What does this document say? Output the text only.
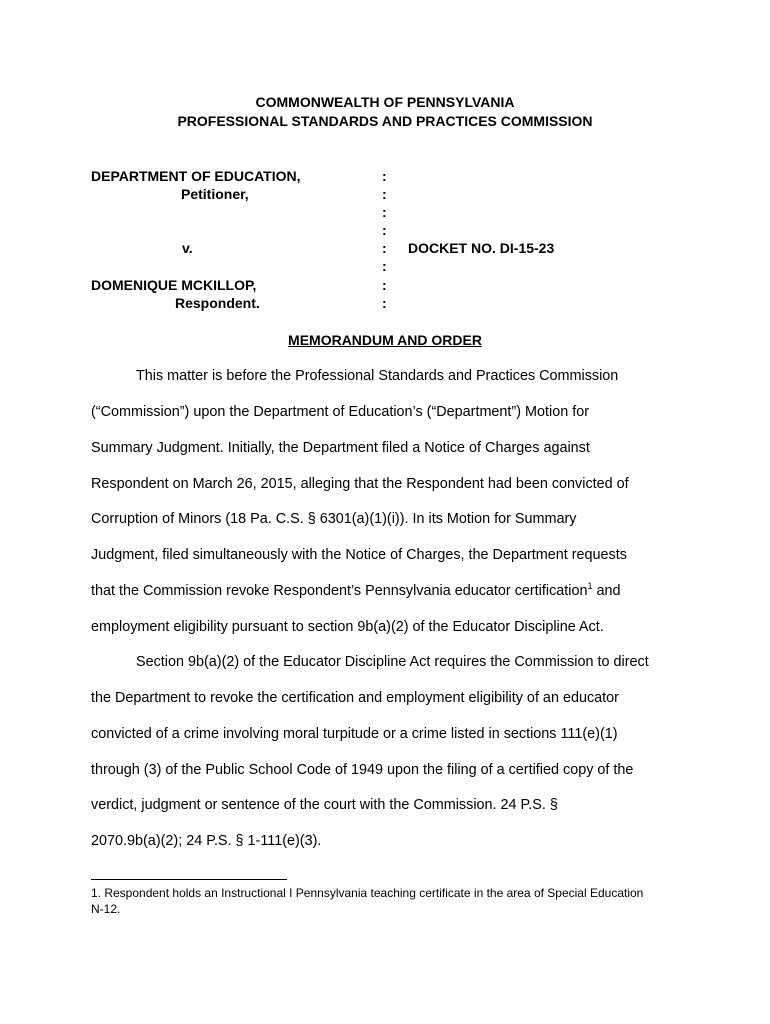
COMMONWEALTH OF PENNSYLVANIA
PROFESSIONAL STANDARDS AND PRACTICES COMMISSION
DEPARTMENT OF EDUCATION,
Petitioner,
v.
DOMENIQUE MCKILLOP,
Respondent.
:
:
:
:
:
:
:
:
DOCKET NO. DI-15-23
MEMORANDUM AND ORDER
This matter is before the Professional Standards and Practices Commission
(“Commission”) upon the Department of Education’s (“Department”) Motion for
Summary Judgment. Initially, the Department filed a Notice of Charges against
Respondent on March 26, 2015, alleging that the Respondent had been convicted of
Corruption of Minors (18 Pa. C.S. § 6301(a)(1)(i)). In its Motion for Summary
Judgment, filed simultaneously with the Notice of Charges, the Department requests
that the Commission revoke Respondent’s Pennsylvania educator certification$^1$ and
employment eligibility pursuant to section 9b(a)(2) of the Educator Discipline Act.
Section 9b(a)(2) of the Educator Discipline Act requires the Commission to direct
the Department to revoke the certification and employment eligibility of an educator
convicted of a crime involving moral turpitude or a crime listed in sections 111(e)(1)
through (3) of the Public School Code of 1949 upon the filing of a certified copy of the
verdict, judgment or sentence of the court with the Commission. 24 P.S. §
2070.9b(a)(2); 24 P.S. § 1-111(e)(3).
1. Respondent holds an Instructional I Pennsylvania teaching certificate in the area of Special Education
N-12.
